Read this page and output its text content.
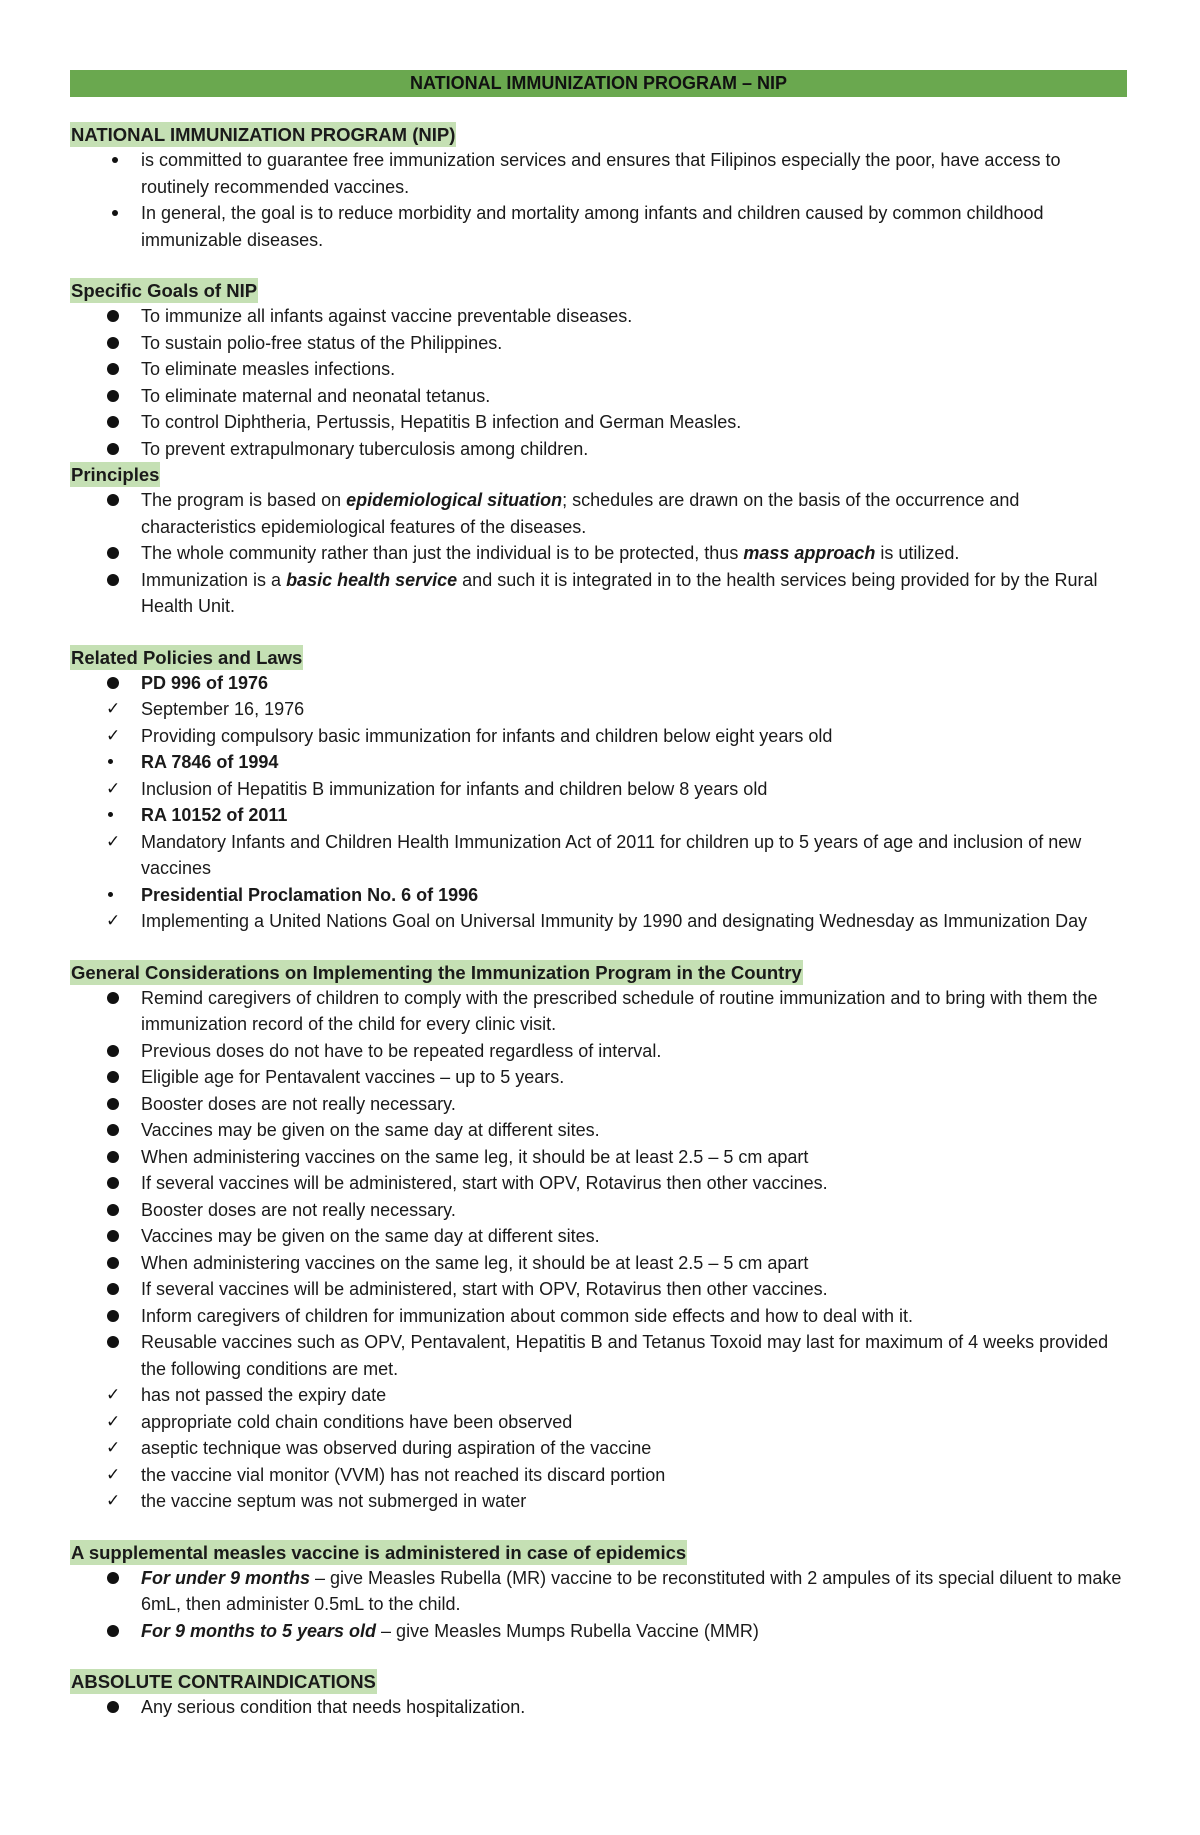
NATIONAL IMMUNIZATION PROGRAM – NIP
NATIONAL IMMUNIZATION PROGRAM (NIP)
is committed to guarantee free immunization services and ensures that Filipinos especially the poor, have access to routinely recommended vaccines.
In general, the goal is to reduce morbidity and mortality among infants and children caused by common childhood immunizable diseases.
Specific Goals of NIP
To immunize all infants against vaccine preventable diseases.
To sustain polio-free status of the Philippines.
To eliminate measles infections.
To eliminate maternal and neonatal tetanus.
To control Diphtheria, Pertussis, Hepatitis B infection and German Measles.
To prevent extrapulmonary tuberculosis among children.
Principles
The program is based on epidemiological situation; schedules are drawn on the basis of the occurrence and characteristics epidemiological features of the diseases.
The whole community rather than just the individual is to be protected, thus mass approach is utilized.
Immunization is a basic health service and such it is integrated in to the health services being provided for by the Rural Health Unit.
Related Policies and Laws
PD 996 of 1976
✓
September 16, 1976
✓
Providing compulsory basic immunization for infants and children below eight years old
RA 7846 of 1994
✓
Inclusion of Hepatitis B immunization for infants and children below 8 years old
RA 10152 of 2011
✓
Mandatory Infants and Children Health Immunization Act of 2011 for children up to 5 years of age and inclusion of new vaccines
Presidential Proclamation No. 6 of 1996
✓
Implementing a United Nations Goal on Universal Immunity by 1990 and designating Wednesday as Immunization Day
General Considerations on Implementing the Immunization Program in the Country
Remind caregivers of children to comply with the prescribed schedule of routine immunization and to bring with them the immunization record of the child for every clinic visit.
Previous doses do not have to be repeated regardless of interval.
Eligible age for Pentavalent vaccines – up to 5 years.
Booster doses are not really necessary.
Vaccines may be given on the same day at different sites.
When administering vaccines on the same leg, it should be at least 2.5 – 5 cm apart
If several vaccines will be administered, start with OPV, Rotavirus then other vaccines.
Booster doses are not really necessary.
Vaccines may be given on the same day at different sites.
When administering vaccines on the same leg, it should be at least 2.5 – 5 cm apart
If several vaccines will be administered, start with OPV, Rotavirus then other vaccines.
Inform caregivers of children for immunization about common side effects and how to deal with it.
Reusable vaccines such as OPV, Pentavalent, Hepatitis B and Tetanus Toxoid may last for maximum of 4 weeks provided the following conditions are met.
✓
has not passed the expiry date
✓
appropriate cold chain conditions have been observed
✓
aseptic technique was observed during aspiration of the vaccine
✓
the vaccine vial monitor (VVM) has not reached its discard portion
✓
the vaccine septum was not submerged in water
A supplemental measles vaccine is administered in case of epidemics
For under 9 months – give Measles Rubella (MR) vaccine to be reconstituted with 2 ampules of its special diluent to make 6mL, then administer 0.5mL to the child.
For 9 months to 5 years old – give Measles Mumps Rubella Vaccine (MMR)
ABSOLUTE CONTRAINDICATIONS
Any serious condition that needs hospitalization.
